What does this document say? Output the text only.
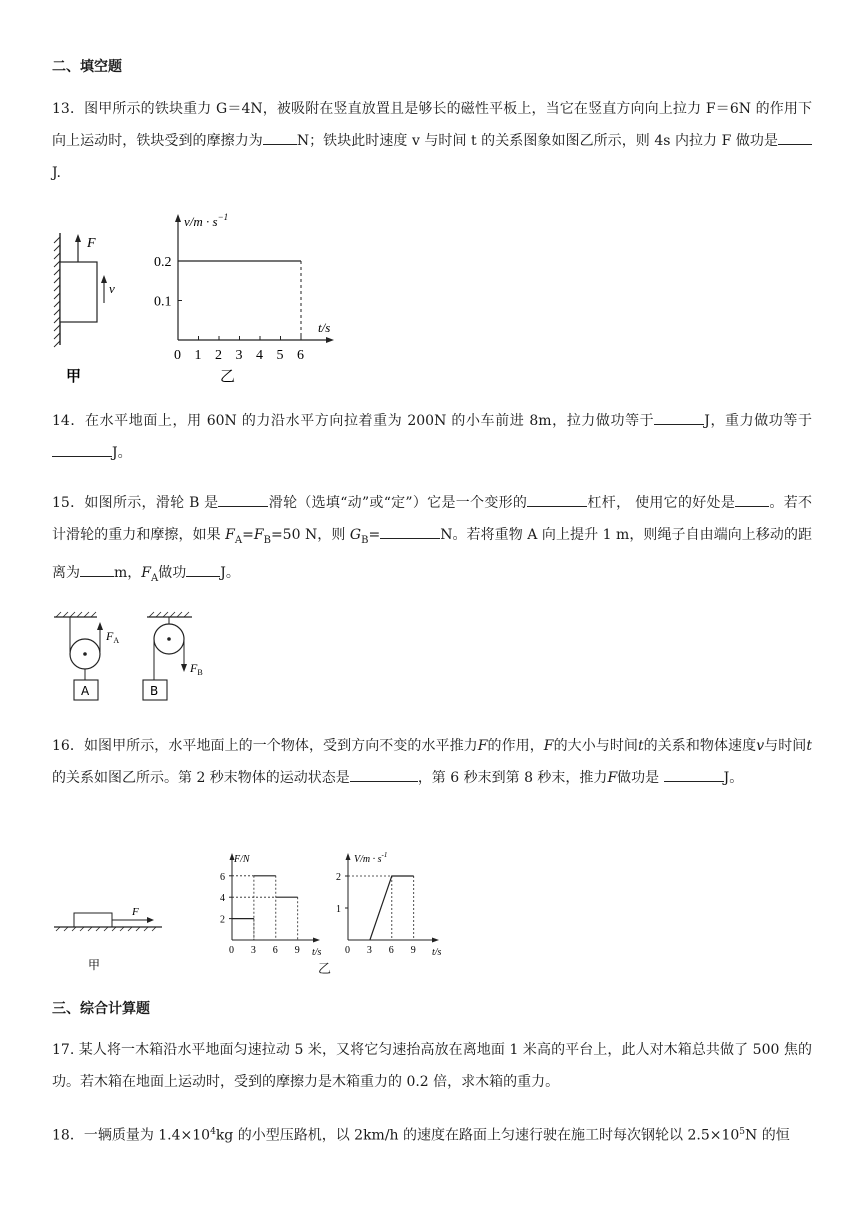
二、填空题
13．图甲所示的铁块重力 G＝4N，被吸附在竖直放置且是够长的磁性平板上，当它在竖直方向向上拉力 F＝6N 的作用下向上运动时，铁块受到的摩擦力为 N；铁块此时速度 v 与时间 t 的关系图象如图乙所示，则 4s 内拉力 F 做功是J.
F
v
甲
0 1 2 3 4 5 6
0.1
0.2
$v/m \cdot s^{-1}$
t/s
乙
14．在水平地面上，用 60N 的力沿水平方向拉着重为 200N 的小车前进 8m，拉力做功等于	J，重力做功等于J。
15．如图所示，滑轮 B 是	滑轮（选填“动”或“定”）它是一个变形的	杠杆， 使用它的好处是 。若不计滑轮的重力和摩擦，如果 $F_A=F_B=50$ N，则 $G_B=$	N。若将重物 A 向上提升 1 m，则绳子自由端向上移动的距离为 m，$F_A$做功 J。
$F_A$
A
$F_B$
B
16．如图甲所示，水平地面上的一个物体，受到方向不变的水平推力F的作用，F的大小与时间t的关系和物体速度v与时间t的关系如图乙所示。第 2 秒末物体的运动状态是	，第 6 秒末到第 8 秒末，推力F做功是	J。
F
甲
0 3 6 9
2
4
6
F/N
t/s 0 3 6 9
1
2
$V/m \cdot s^{-1}$
t/s
乙
三、综合计算题
17. 某人将一木箱沿水平地面匀速拉动 5 米，又将它匀速抬高放在离地面 1 米高的平台上，此人对木箱总共做了 500 焦的功。若木箱在地面上运动时，受到的摩擦力是木箱重力的 0.2 倍，求木箱的重力。
18．一辆质量为 $1.4\times 10^4kg$ 的小型压路机，以 2km/h 的速度在路面上匀速行驶在施工时每次钢轮以 $2.5\times 10^5N$ 的恒
